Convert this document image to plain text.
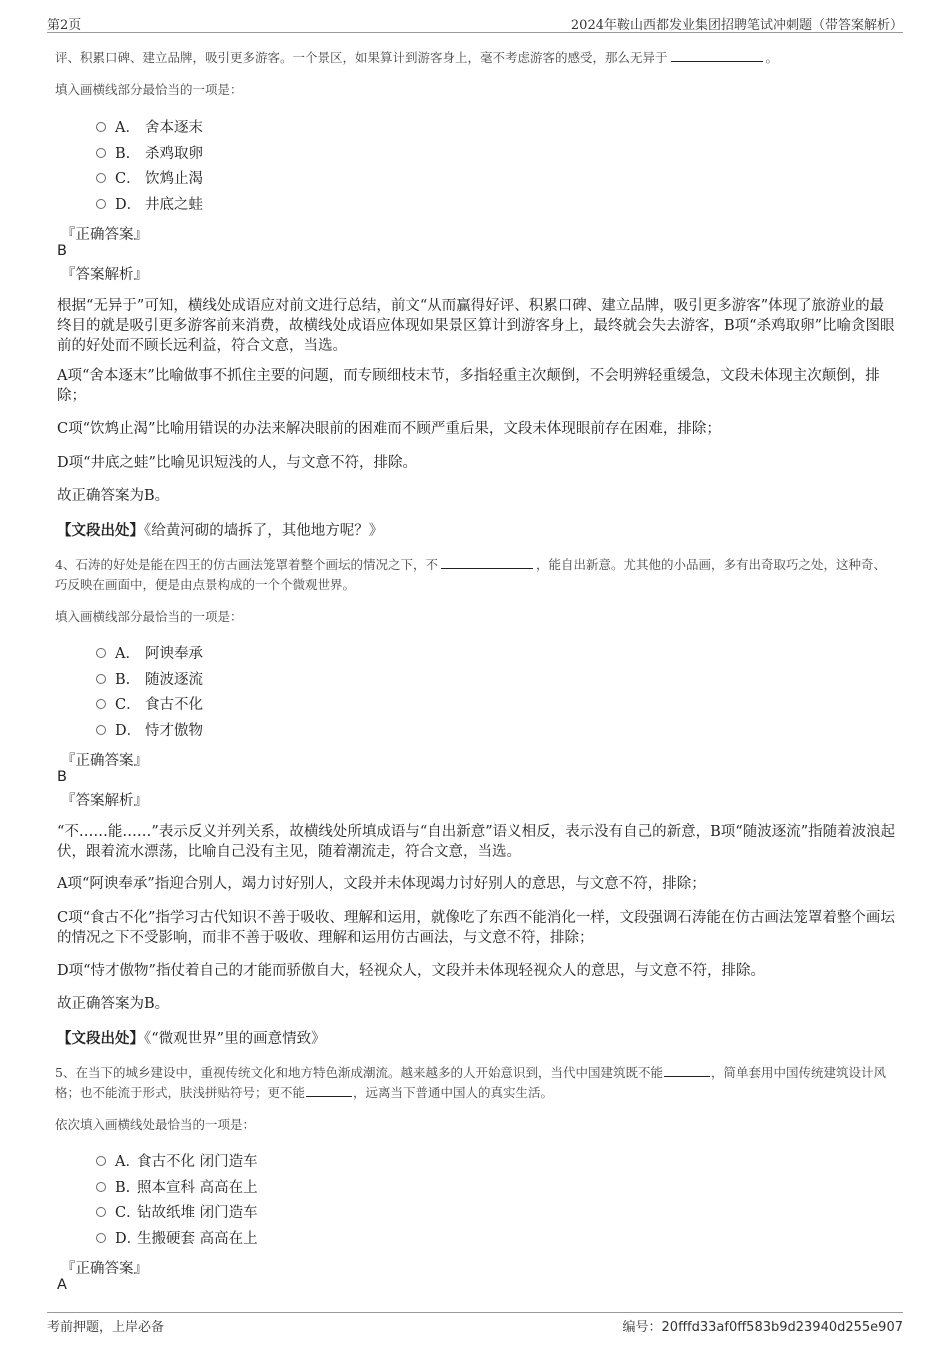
第2页	2024年鞍山西都发业集团招聘笔试冲刺题（带答案解析）
评、积累口碑、建立品牌，吸引更多游客。一个景区，如果算计到游客身上，毫不考虑游客的感受，那么无异于	。
填入画横线部分最恰当的一项是：
A． 舍本逐末
B. 杀鸡取卵
C． 饮鸩止渴
D． 井底之蛙
『正确答案』
B
『答案解析』
根据“无异于”可知，横线处成语应对前文进行总结，前文“从而赢得好评、积累口碑、建立品牌，吸引更多游客”体现了旅游业的最终目的就是吸引更多游客前来消费，故横线处成语应体现如果景区算计到游客身上，最终就会失去游客，B项“杀鸡取卵”比喻贪图眼前的好处而不顾长远利益，符合文意，当选。
A项“舍本逐末”比喻做事不抓住主要的问题，而专顾细枝末节，多指轻重主次颠倒，不会明辨轻重缓急，文段未体现主次颠倒，排除；
C项“饮鸩止渴”比喻用错误的办法来解决眼前的困难而不顾严重后果，文段未体现眼前存在困难，排除；
D项“井底之蛙”比喻见识短浅的人，与文意不符，排除。
故正确答案为B。
【文段出处】《给黄河砌的墙拆了，其他地方呢？》
4、石涛的好处是能在四王的仿古画法笼罩着整个画坛的情况之下，不	，能自出新意。尤其他的小品画，多有出奇取巧之处，这种奇、巧反映在画面中，便是由点景构成的一个个微观世界。
填入画横线部分最恰当的一项是：
A． 阿谀奉承
B. 随波逐流
C． 食古不化
D． 恃才傲物
『正确答案』
B
『答案解析』
“不……能……”表示反义并列关系，故横线处所填成语与“自出新意”语义相反，表示没有自己的新意，B项“随波逐流”指随着波浪起伏，跟着流水漂荡，比喻自己没有主见，随着潮流走，符合文意，当选。
A项“阿谀奉承”指迎合别人，竭力讨好别人，文段并未体现竭力讨好别人的意思，与文意不符，排除；
C项“食古不化”指学习古代知识不善于吸收、理解和运用，就像吃了东西不能消化一样，文段强调石涛能在仿古画法笼罩着整个画坛的情况之下不受影响，而非不善于吸收、理解和运用仿古画法，与文意不符，排除；
D项“恃才傲物”指仗着自己的才能而骄傲自大，轻视众人，文段并未体现轻视众人的意思，与文意不符，排除。
故正确答案为B。
【文段出处】《“微观世界”里的画意情致》
5、在当下的城乡建设中，重视传统文化和地方特色渐成潮流。越来越多的人开始意识到，当代中国建筑既不能	，简单套用中国传统建筑设计风格；也不能流于形式，肤浅拼贴符号；更不能	，远离当下普通中国人的真实生活。
依次填入画横线处最恰当的一项是：
A．食古不化 闭门造车
B. 照本宣科 高高在上
C．钻故纸堆 闭门造车
D．生搬硬套 高高在上
『正确答案』
A
考前押题，上岸必备	编号：20fffd33af0ff583b9d23940d255e907
